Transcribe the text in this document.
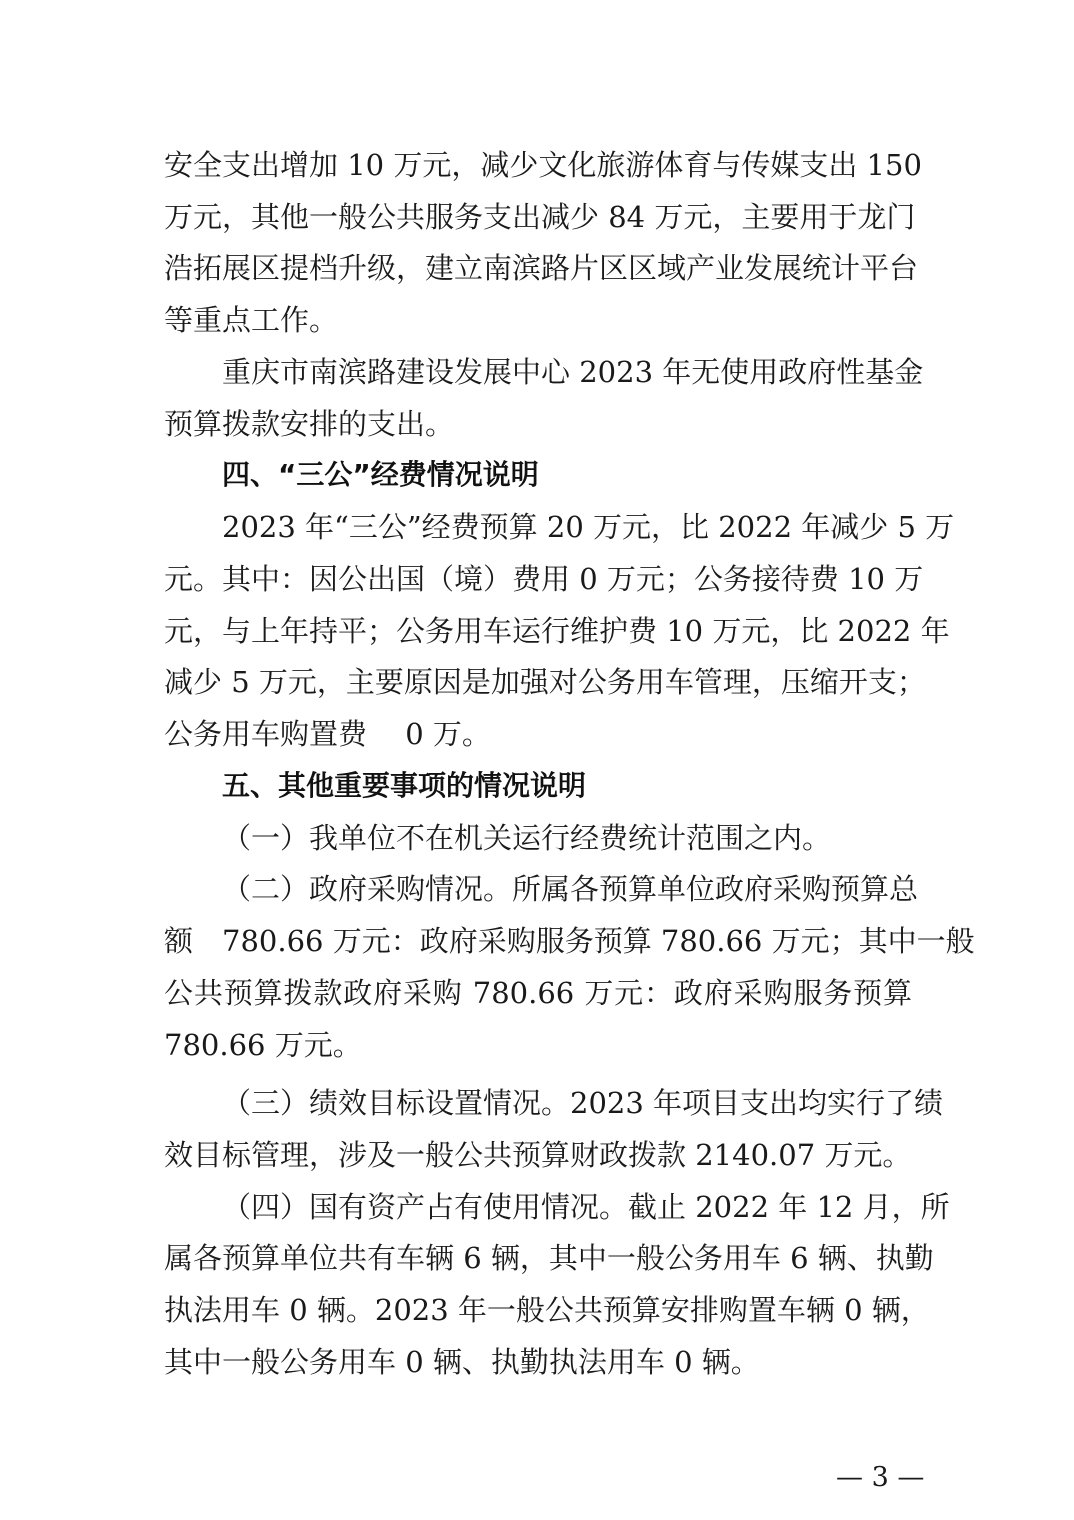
安全支出增加 10 万元，减少文化旅游体育与传媒支出 150
万元，其他一般公共服务支出减少 84 万元，主要用于龙门
浩拓展区提档升级，建立南滨路片区区域产业发展统计平台
等重点工作。
重庆市南滨路建设发展中心 2023 年无使用政府性基金
预算拨款安排的支出。
四、“三公”经费情况说明
2023 年“三公”经费预算 20 万元，比 2022 年减少 5 万
元。其中：因公出国（境）费用 0 万元；公务接待费 10 万
元，与上年持平；公务用车运行维护费 10 万元，比 2022 年
减少 5 万元，主要原因是加强对公务用车管理，压缩开支；
公务用车购置费　 0 万。
五、其他重要事项的情况说明
（一）我单位不在机关运行经费统计范围之内。
（二）政府采购情况。所属各预算单位政府采购预算总
额　780.66 万元：政府采购服务预算 780.66 万元；其中一般
公共预算拨款政府采购 780.66 万元：政府采购服务预算
780.66 万元。
（三）绩效目标设置情况。2023 年项目支出均实行了绩
效目标管理，涉及一般公共预算财政拨款 2140.07 万元。
（四）国有资产占有使用情况。截止 2022 年 12 月，所
属各预算单位共有车辆 6 辆，其中一般公务用车 6 辆、执勤
执法用车 0 辆。2023 年一般公共预算安排购置车辆 0 辆，
其中一般公务用车 0 辆、执勤执法用车 0 辆。
— 3 —
